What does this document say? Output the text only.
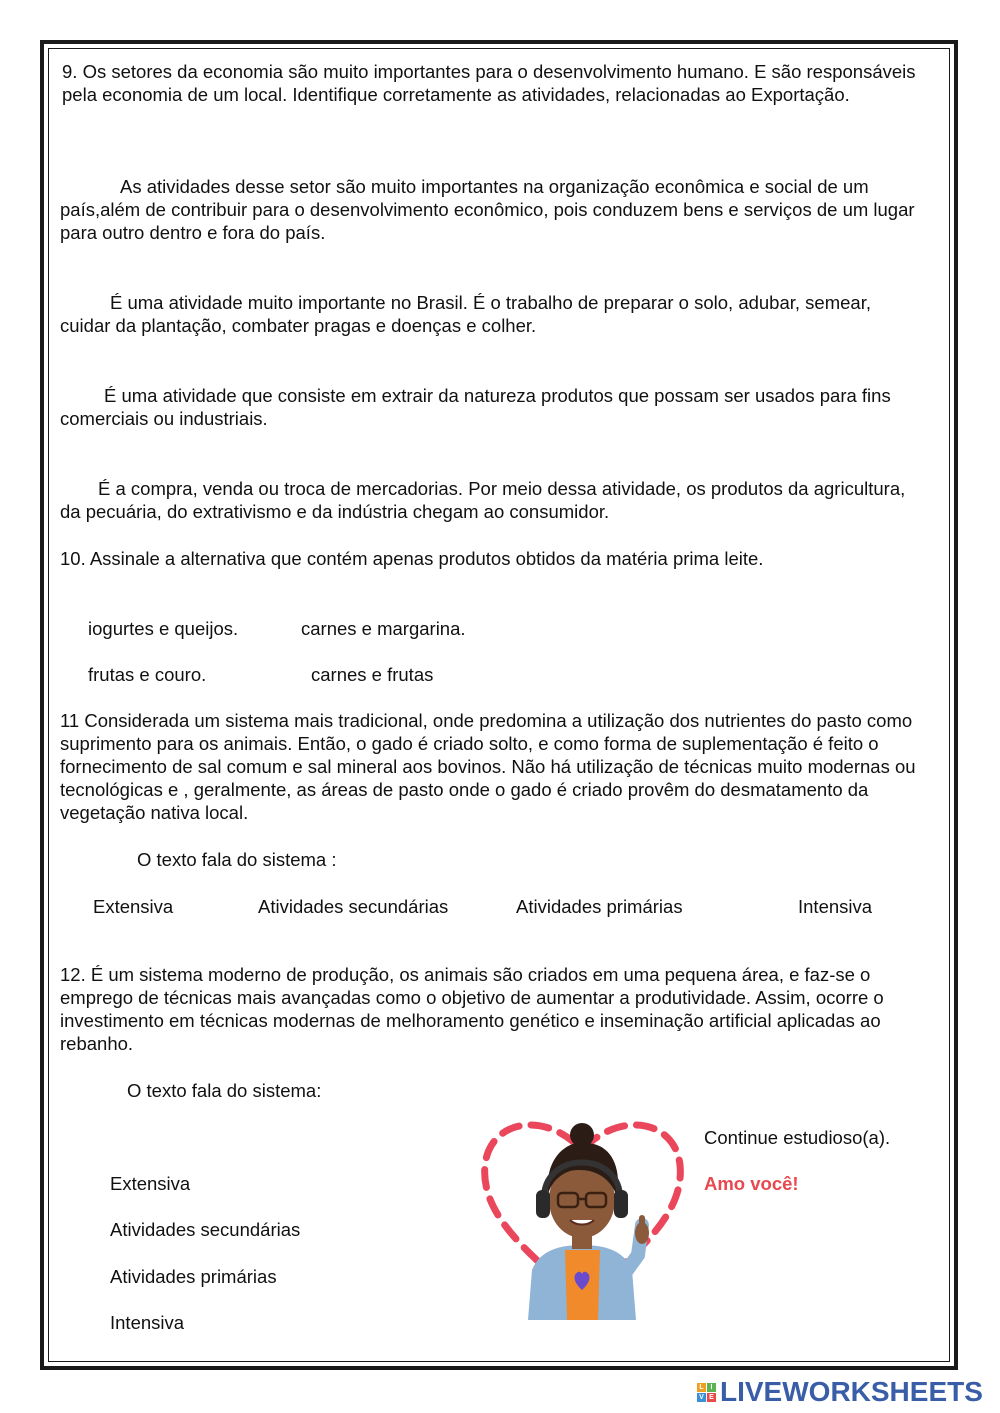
9. Os setores da economia são muito importantes para o desenvolvimento humano. E são responsáveis pela economia de um local. Identifique corretamente as atividades, relacionadas ao Exportação.
As atividades desse setor são muito importantes na organização econômica e social de um país,além de contribuir para o desenvolvimento econômico, pois conduzem bens e serviços de um lugar para outro dentro e fora do país.
É uma atividade muito importante no Brasil. É o trabalho de preparar o solo, adubar, semear, cuidar da plantação, combater pragas e doenças e colher.
É uma atividade que consiste em extrair da natureza produtos que possam ser usados para fins comerciais ou industriais.
É a compra, venda ou troca de mercadorias. Por meio dessa atividade, os produtos da agricultura, da pecuária, do extrativismo e da indústria chegam ao consumidor.
10. Assinale a alternativa que contém apenas produtos obtidos da matéria prima leite.
iogurtes e queijos.	carnes e margarina.
frutas e couro.	carnes e frutas
11 Considerada um sistema mais tradicional, onde predomina a utilização dos nutrientes do pasto como suprimento para os animais. Então, o gado é criado solto, e como forma de suplementação é feito o fornecimento de sal comum e sal mineral aos bovinos. Não há utilização de técnicas muito modernas ou tecnológicas e , geralmente, as áreas de pasto onde o gado é criado provêm do desmatamento da vegetação nativa local.
O texto fala do sistema :
Extensiva	Atividades secundárias	Atividades primárias	Intensiva
12. É um sistema moderno de produção, os animais são criados em uma pequena área, e faz-se o emprego de técnicas mais avançadas como o objetivo de aumentar a produtividade. Assim, ocorre o investimento em técnicas modernas de melhoramento genético e inseminação artificial aplicadas ao rebanho.
O texto fala do sistema:
Extensiva
Atividades secundárias
Atividades primárias
Intensiva
Continue estudioso(a).
Amo você!
L I
V E LIVEWORKSHEETS
